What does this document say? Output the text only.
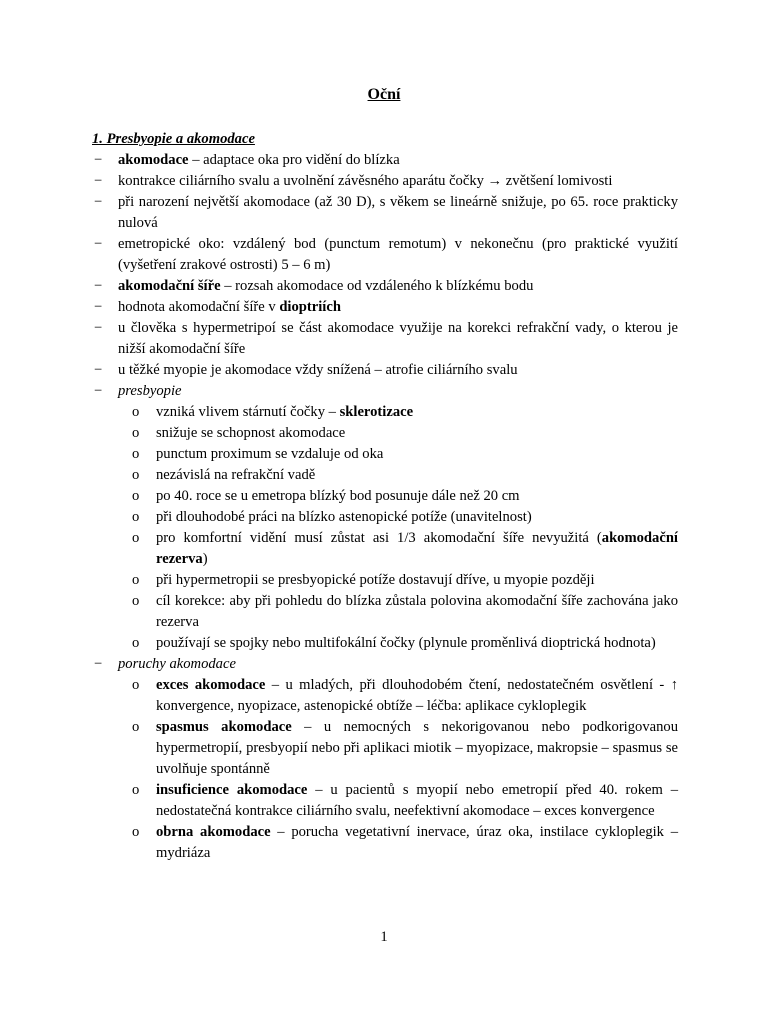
Oční
1. Presbyopie a akomodace
− akomodace – adaptace oka pro vidění do blízka
− kontrakce ciliárního svalu a uvolnění závěsného aparátu čočky → zvětšení lomivosti
− při narození největší akomodace (až 30 D), s věkem se lineárně snižuje, po 65. roce prakticky nulová
− emetropické oko: vzdálený bod (punctum remotum) v nekonečnu (pro praktické využití (vyšetření zrakové ostrosti) 5 – 6 m)
− akomodační šíře – rozsah akomodace od vzdáleného k blízkému bodu
− hodnota akomodační šíře v dioptriích
− u člověka s hypermetripoí se část akomodace využije na korekci refrakční vady, o kterou je nižší akomodační šíře
− u těžké myopie je akomodace vždy snížená – atrofie ciliárního svalu
− presbyopie
o vzniká vlivem stárnutí čočky – sklerotizace
o snižuje se schopnost akomodace
o punctum proximum se vzdaluje od oka
o nezávislá na refrakční vadě
o po 40. roce se u emetropa blízký bod posunuje dále než 20 cm
o při dlouhodobé práci na blízko astenopické potíže (unavitelnost)
o pro komfortní vidění musí zůstat asi 1/3 akomodační šíře nevyužitá (akomodační rezerva)
o při hypermetropii se presbyopické potíže dostavují dříve, u myopie později
o cíl korekce: aby při pohledu do blízka zůstala polovina akomodační šíře zachována jako rezerva
o používají se spojky nebo multifokální čočky (plynule proměnlivá dioptrická hodnota)
− poruchy akomodace
o exces akomodace – u mladých, při dlouhodobém čtení, nedostatečném osvětlení - ↑ konvergence, nyopizace, astenopické obtíže – léčba: aplikace cykloplegik
o spasmus akomodace – u nemocných s nekorigovanou nebo podkorigovanou hypermetropií, presbyopií nebo při aplikaci miotik – myopizace, makropsie – spasmus se uvolňuje spontánně
o insuficience akomodace – u pacientů s myopií nebo emetropií před 40. rokem – nedostatečná kontrakce ciliárního svalu, neefektivní akomodace – exces konvergence
o obrna akomodace – porucha vegetativní inervace, úraz oka, instilace cykloplegik – mydriáza
1
